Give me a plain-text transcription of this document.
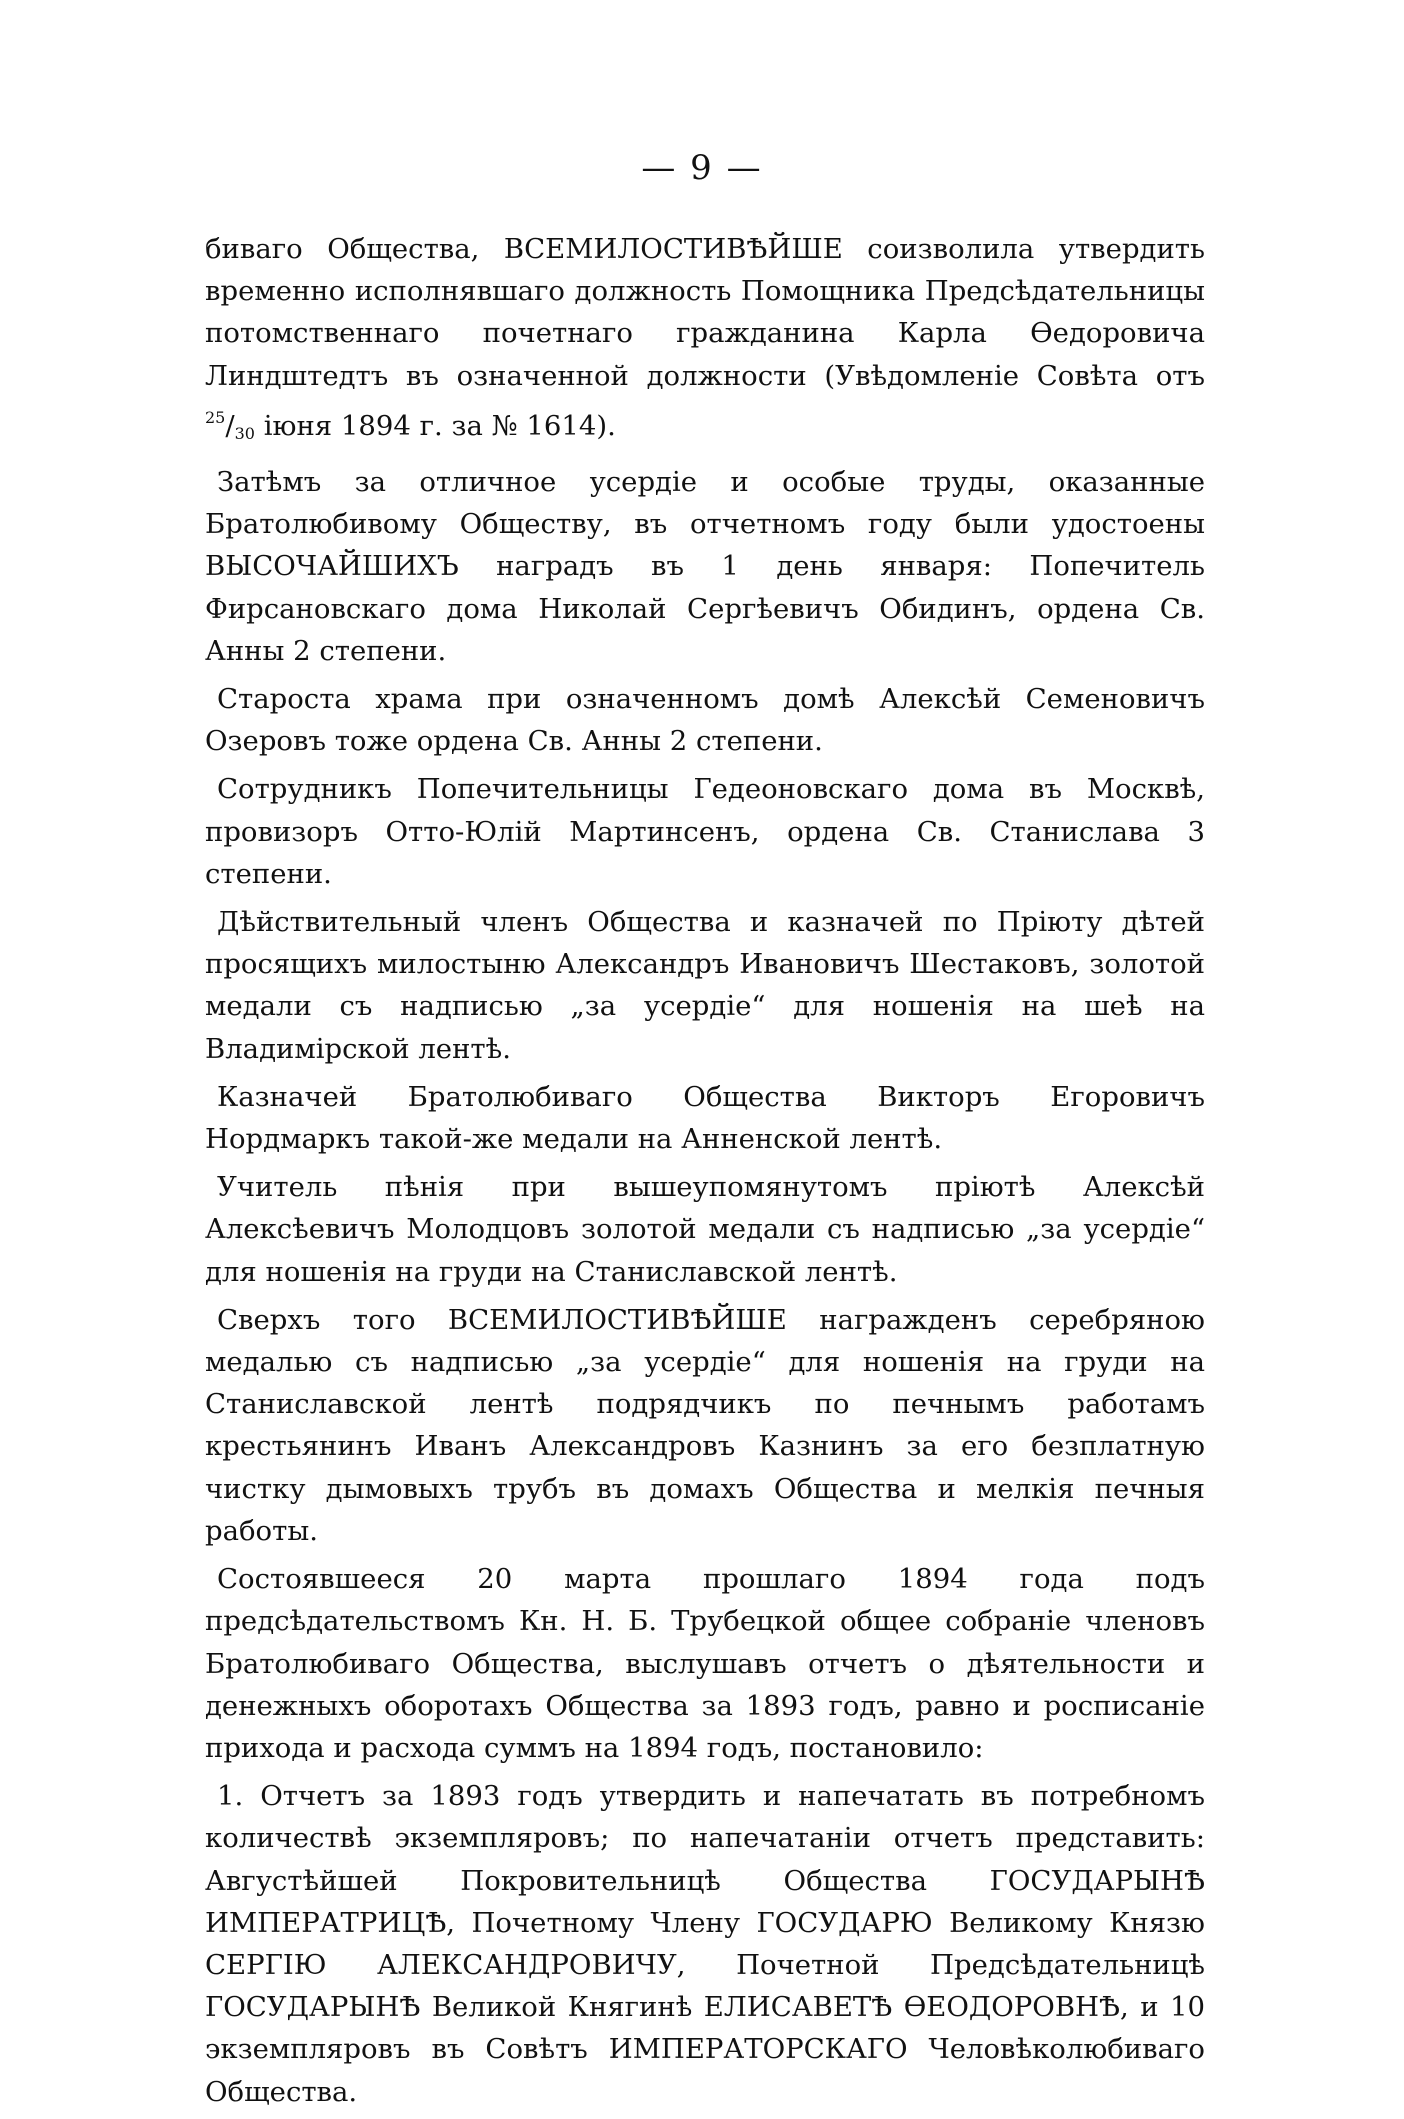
— 9 —

биваго Общества, ВСЕМИЛОСТИВѢЙШЕ соизволила утвердить временно исполнявшаго должность Помощника Предсѣдательницы потомственнаго почетнаго гражданина Карла Ѳедоровича Линдштедтъ въ означенной должности (Увѣдомленіе Совѣта отъ $^{25}/_{30}$ іюня 1894 г. за № 1614).

Затѣмъ за отличное усердіе и особые труды, оказанные Братолюбивому Обществу, въ отчетномъ году были удостоены ВЫСОЧАЙШИХЪ наградъ въ 1 день января: Попечитель Фирсановскаго дома Николай Сергѣевичъ Обидинъ, ордена Св. Анны 2 степени.

Староста храма при означенномъ домѣ Алексѣй Семеновичъ Озеровъ тоже ордена Св. Анны 2 степени.

Сотрудникъ Попечительницы Гедеоновскаго дома въ Москвѣ, провизоръ Отто-Юлій Мартинсенъ, ордена Св. Станислава 3 степени.

Дѣйствительный членъ Общества и казначей по Пріюту дѣтей просящихъ милостыню Александръ Ивановичъ Шестаковъ, золотой медали съ надписью „за усердіе“ для ношенія на шеѣ на Владимірской лентѣ.

Казначей Братолюбиваго Общества Викторъ Егоровичъ Нордмаркъ такой-же медали на Анненской лентѣ.

Учитель пѣнія при вышеупомянутомъ пріютѣ Алексѣй Алексѣевичъ Молодцовъ золотой медали съ надписью „за усердіе“ для ношенія на груди на Станиславской лентѣ.

Сверхъ того ВСЕМИЛОСТИВѢЙШЕ награжденъ серебряною медалью съ надписью „за усердіе“ для ношенія на груди на Станиславской лентѣ подрядчикъ по печнымъ работамъ крестьянинъ Иванъ Александровъ Казнинъ за его безплатную чистку дымовыхъ трубъ въ домахъ Общества и мелкія печныя работы.

Состоявшееся 20 марта прошлаго 1894 года подъ предсѣдательствомъ Кн. Н. Б. Трубецкой общее собраніе членовъ Братолюбиваго Общества, выслушавъ отчетъ о дѣятельности и денежныхъ оборотахъ Общества за 1893 годъ, равно и росписаніе прихода и расхода суммъ на 1894 годъ, постановило:

1. Отчетъ за 1893 годъ утвердить и напечатать въ потребномъ количествѣ экземпляровъ; по напечатаніи отчетъ представить: Августѣйшей Покровительницѣ Общества ГОСУДАРЫНѢ ИМПЕРАТРИЦѢ, Почетному Члену ГОСУДАРЮ Великому Князю СЕРГІЮ АЛЕКСАНДРОВИЧУ, Почетной Предсѣдательницѣ ГОСУДАРЫНѢ Великой Княгинѣ ЕЛИСАВЕТѢ ѲЕОДОРОВНѢ, и 10 экземпляровъ въ Совѣтъ ИМПЕРАТОРСКАГО Человѣколюбиваго Общества.
